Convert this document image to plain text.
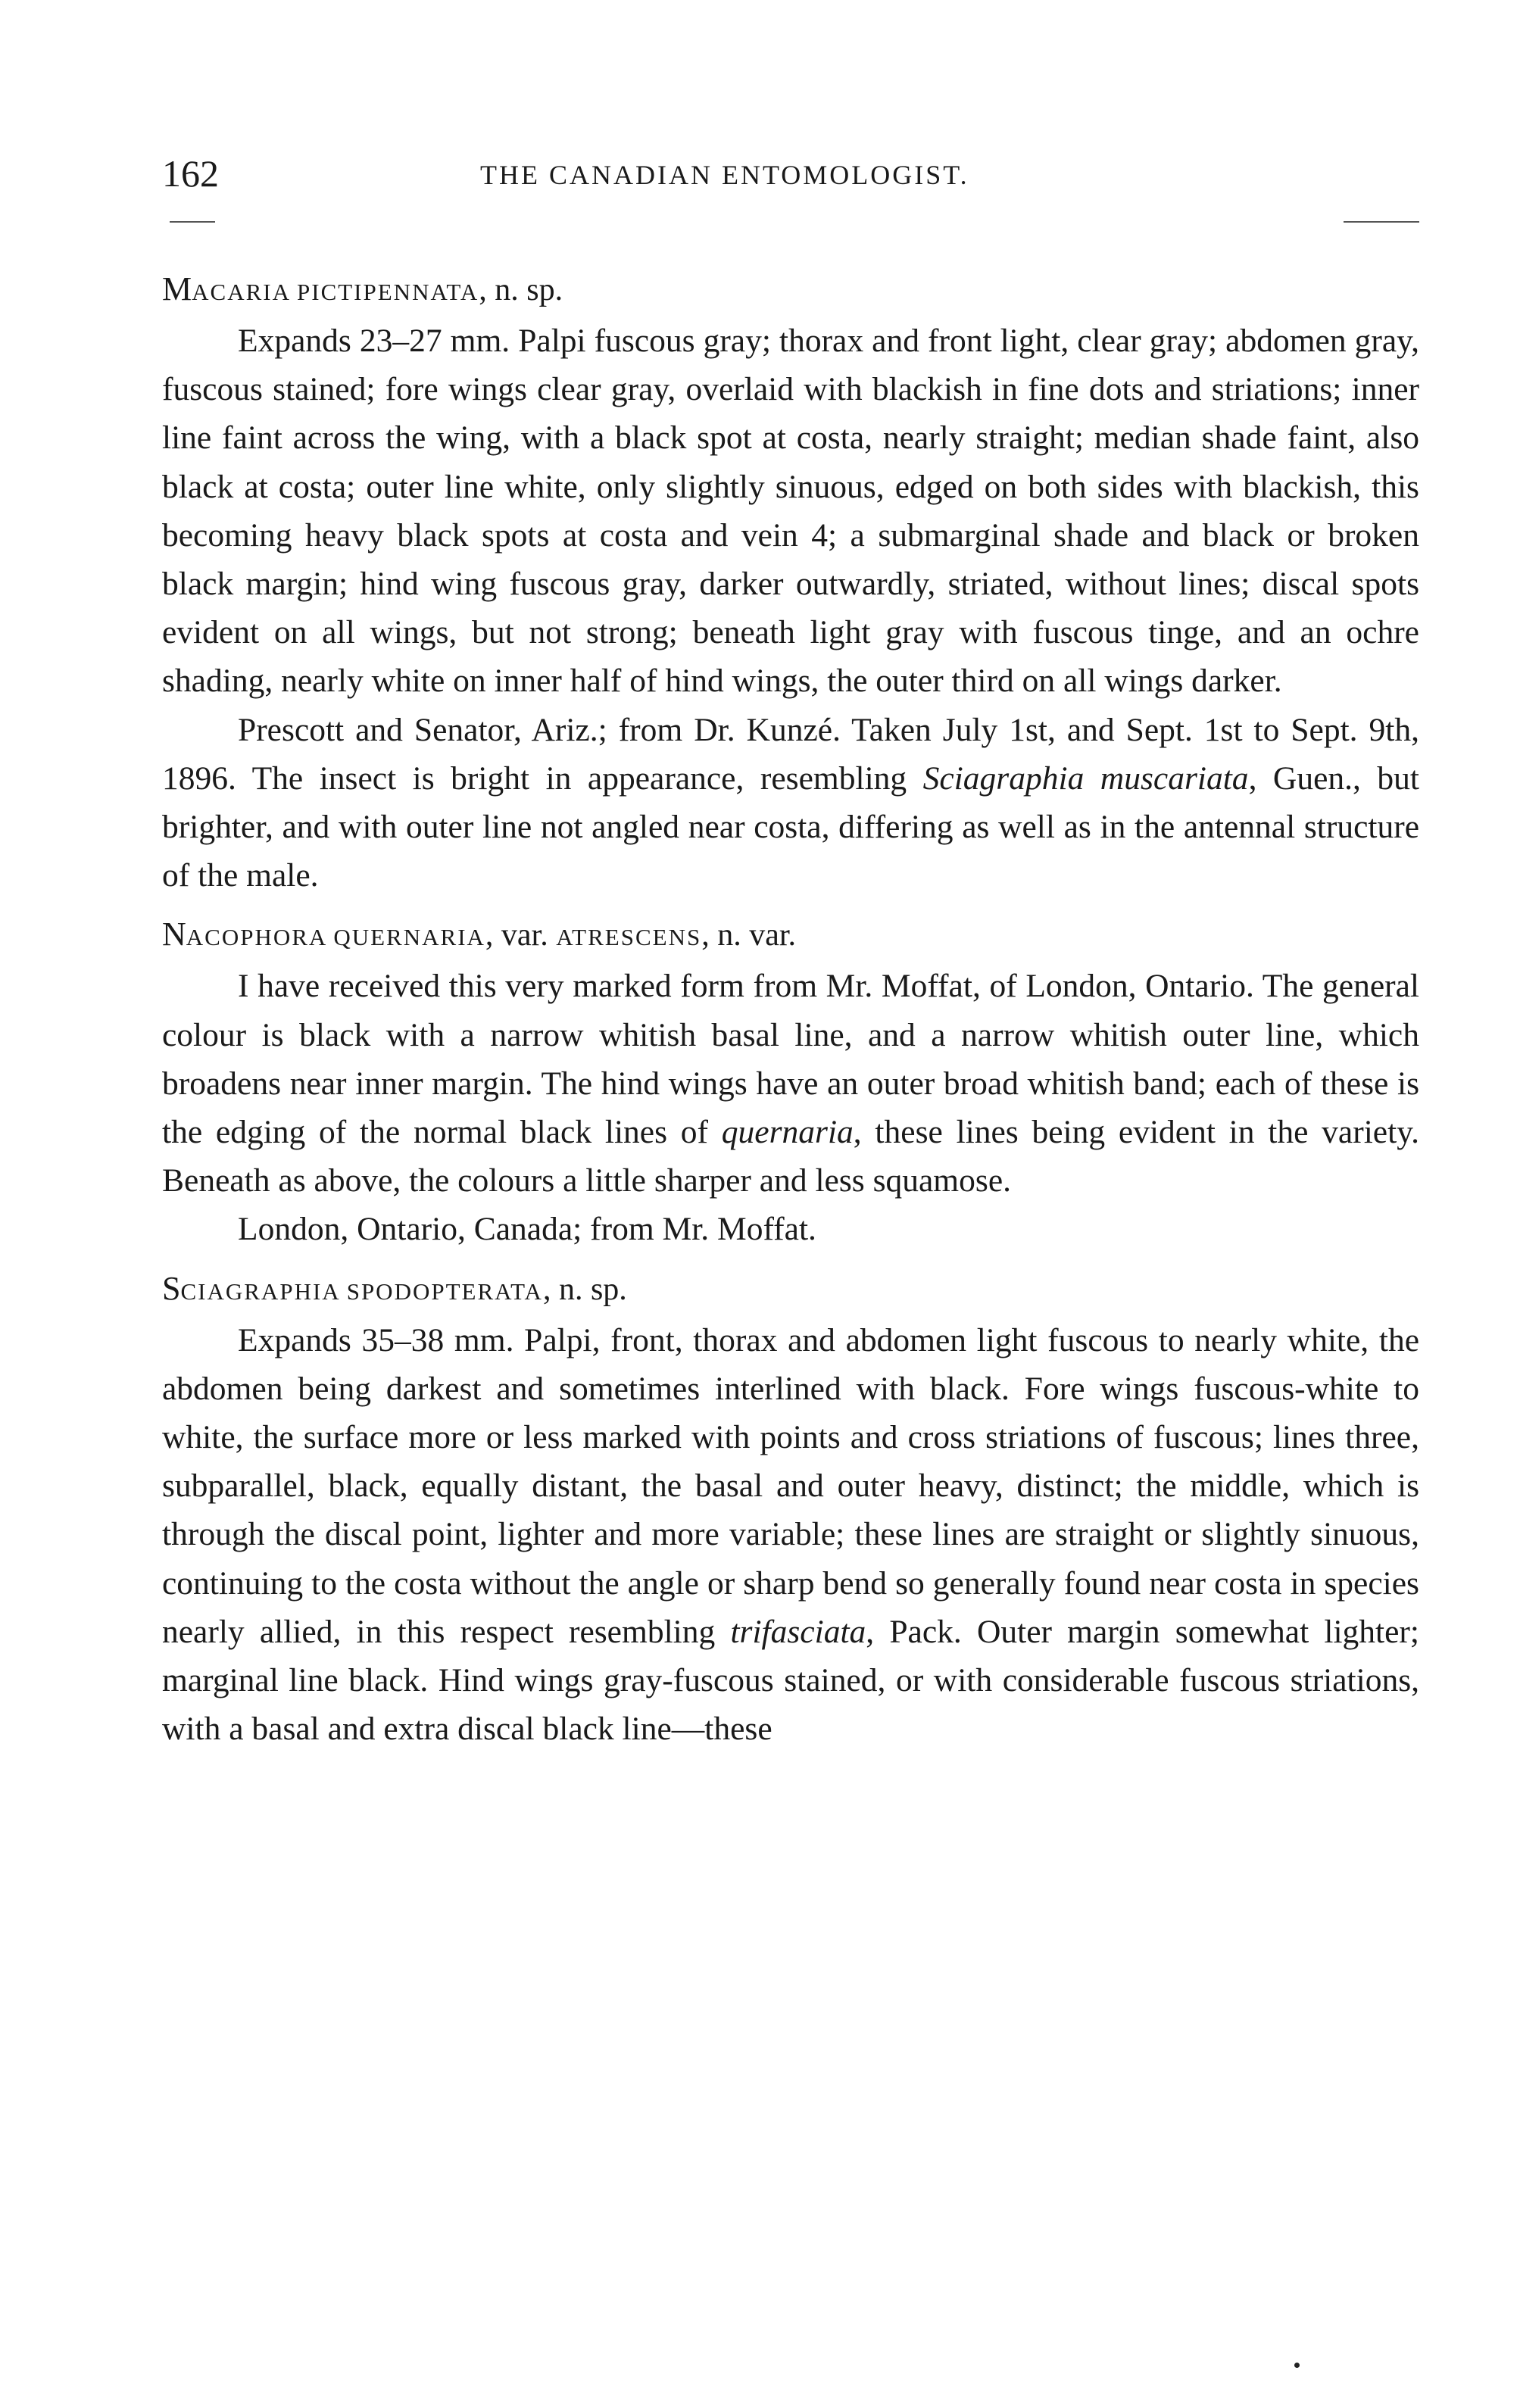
162	THE CANADIAN ENTOMOLOGIST.

MACARIA PICTIPENNATA, n. sp.

Expands 23–27 mm. Palpi fuscous gray; thorax and front light, clear gray; abdomen gray, fuscous stained; fore wings clear gray, overlaid with blackish in fine dots and striations; inner line faint across the wing, with a black spot at costa, nearly straight; median shade faint, also black at costa; outer line white, only slightly sinuous, edged on both sides with blackish, this becoming heavy black spots at costa and vein 4; a submarginal shade and black or broken black margin; hind wing fuscous gray, darker outwardly, striated, without lines; discal spots evident on all wings, but not strong; beneath light gray with fuscous tinge, and an ochre shading, nearly white on inner half of hind wings, the outer third on all wings darker.

Prescott and Senator, Ariz.; from Dr. Kunzé. Taken July 1st, and Sept. 1st to Sept. 9th, 1896. The insect is bright in appearance, resembling Sciagraphia muscariata, Guen., but brighter, and with outer line not angled near costa, differing as well as in the antennal structure of the male.

NACOPHORA QUERNARIA, var. ATRESCENS, n. var.

I have received this very marked form from Mr. Moffat, of London, Ontario. The general colour is black with a narrow whitish basal line, and a narrow whitish outer line, which broadens near inner margin. The hind wings have an outer broad whitish band; each of these is the edging of the normal black lines of quernaria, these lines being evident in the variety. Beneath as above, the colours a little sharper and less squamose.

London, Ontario, Canada; from Mr. Moffat.

SCIAGRAPHIA SPODOPTERATA, n. sp.

Expands 35–38 mm. Palpi, front, thorax and abdomen light fuscous to nearly white, the abdomen being darkest and sometimes interlined with black. Fore wings fuscous-white to white, the surface more or less marked with points and cross striations of fuscous; lines three, subparallel, black, equally distant, the basal and outer heavy, distinct; the middle, which is through the discal point, lighter and more variable; these lines are straight or slightly sinuous, continuing to the costa without the angle or sharp bend so generally found near costa in species nearly allied, in this respect resembling trifasciata, Pack. Outer margin somewhat lighter; marginal line black. Hind wings gray-fuscous stained, or with considerable fuscous striations, with a basal and extra discal black line—these
